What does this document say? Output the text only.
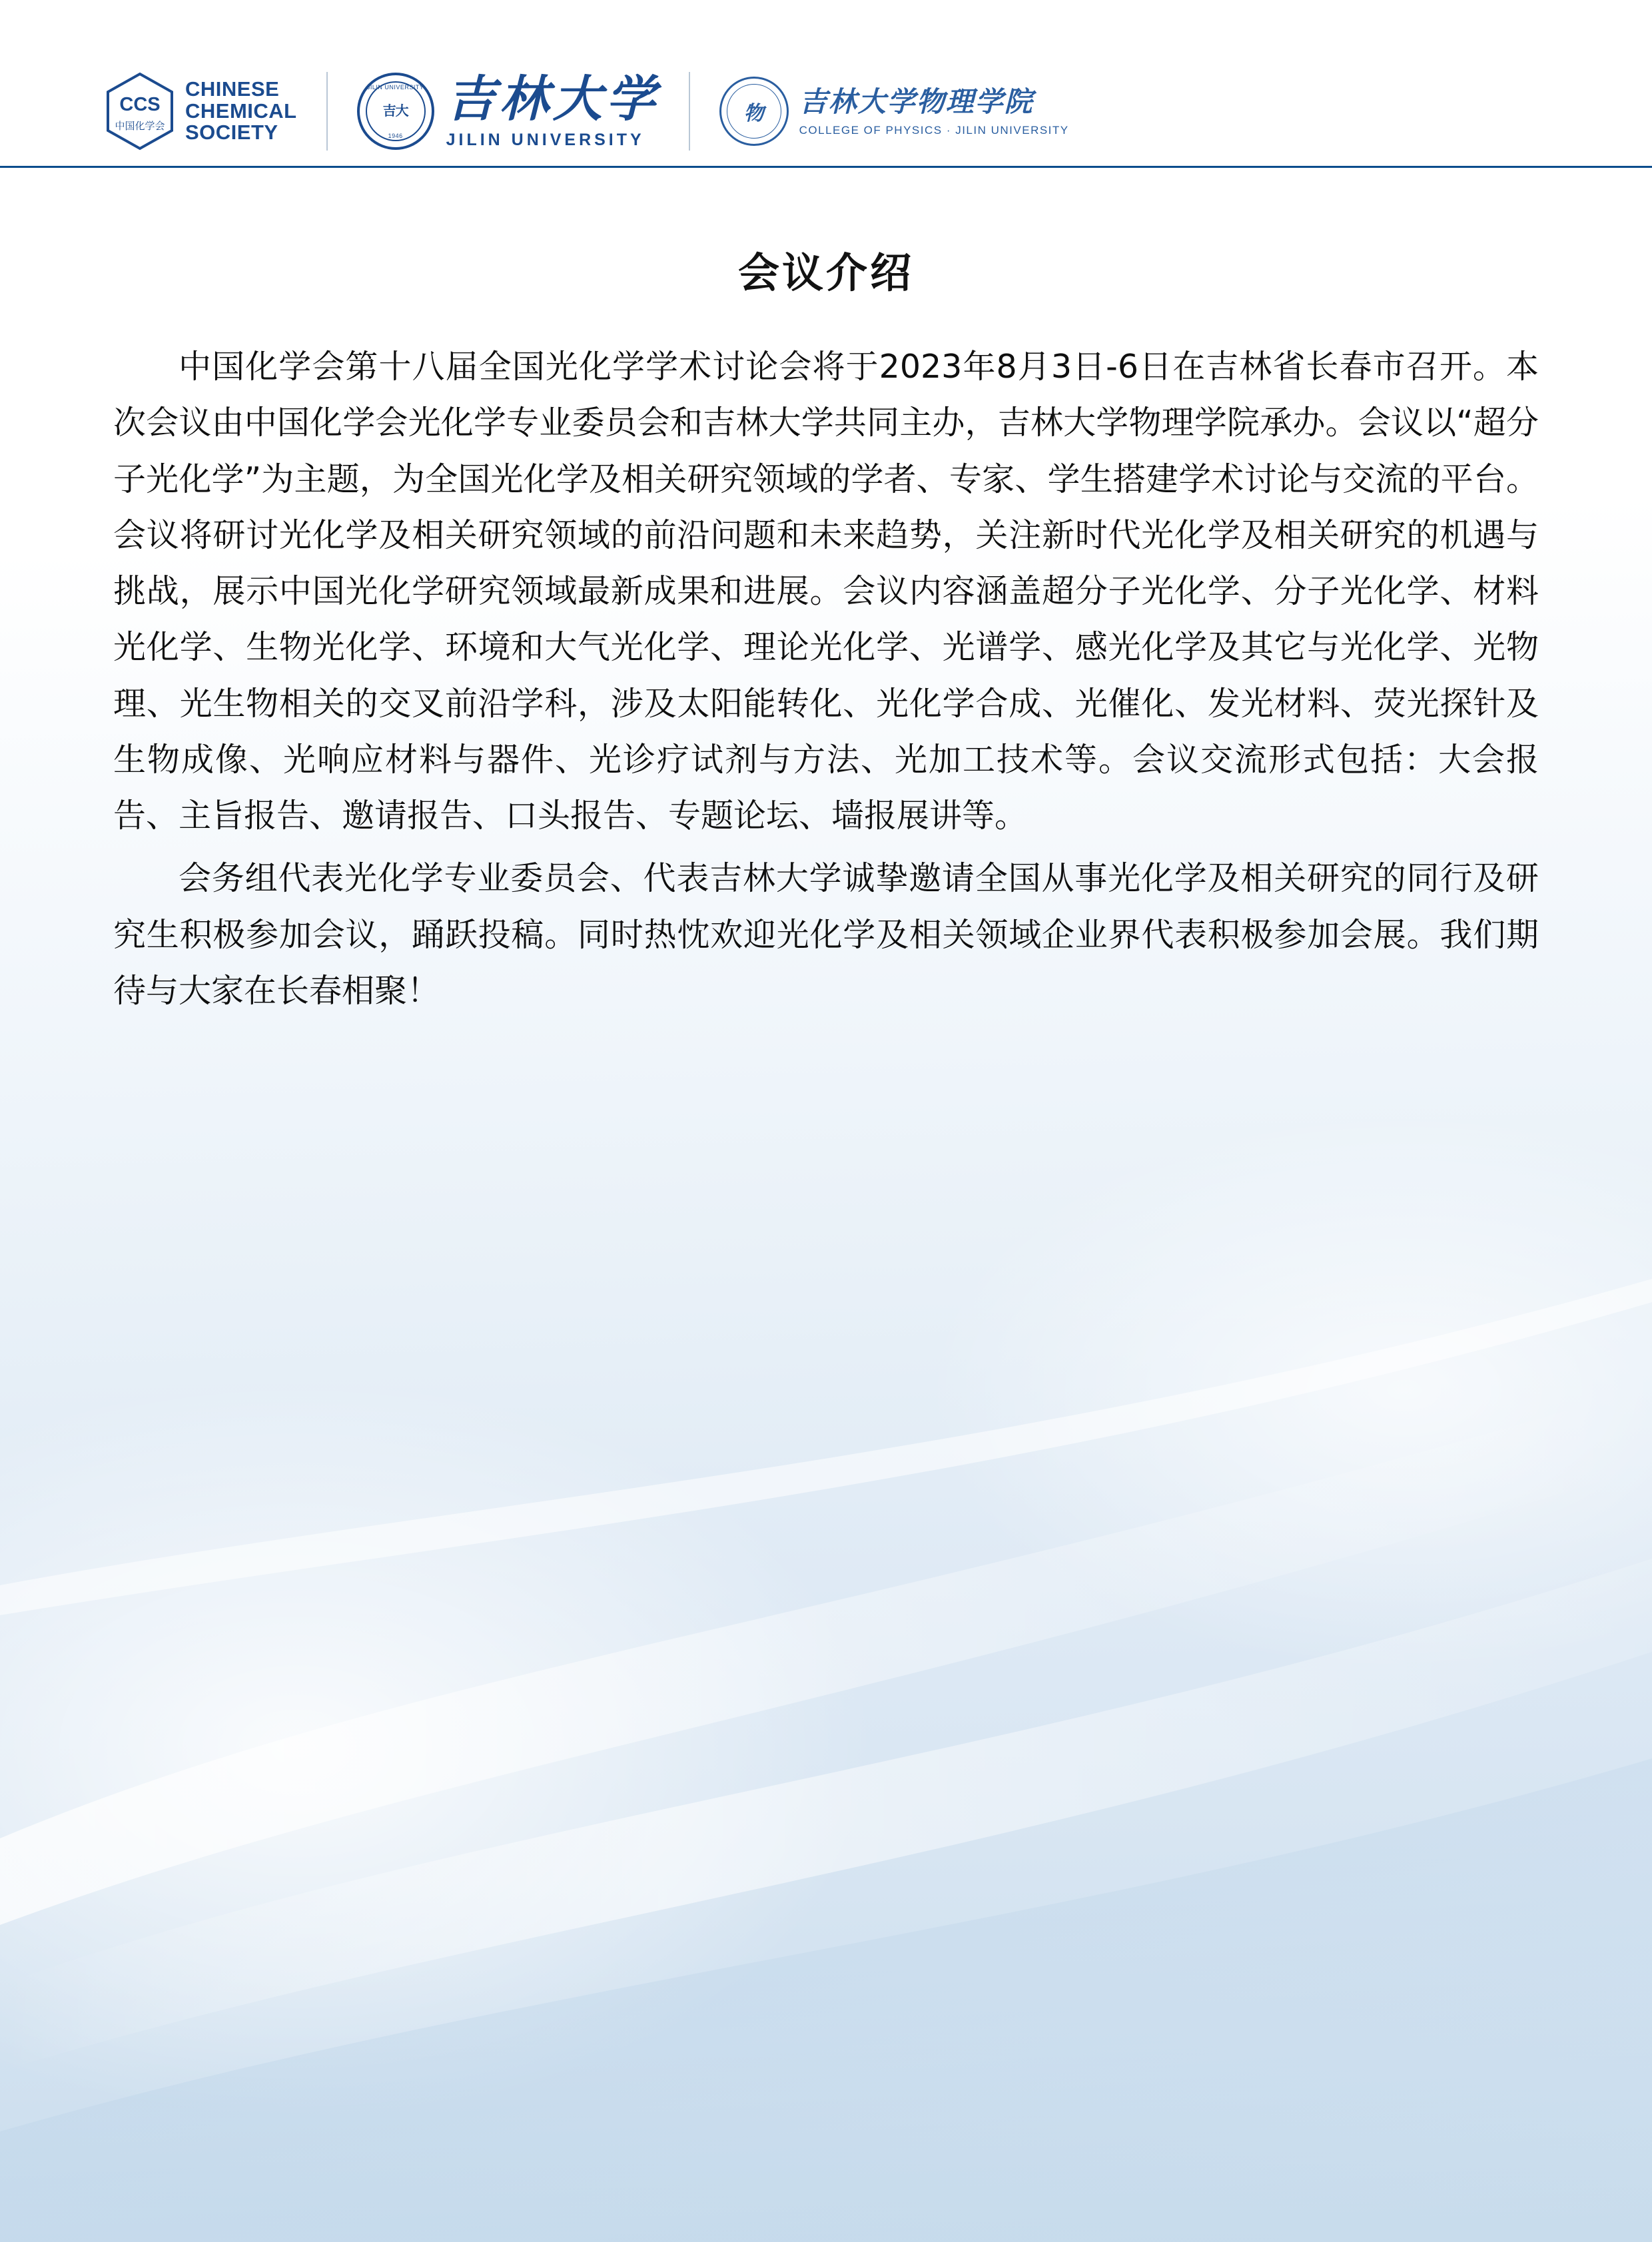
CCS
中国化学会
CHINESE
CHEMICAL
SOCIETY
JILIN UNIVERSITY
吉大
1946
吉林大学
JILIN UNIVERSITY
物 吉林大学物理学院
COLLEGE OF PHYSICS · JILIN UNIVERSITY
会议介绍

中国化学会第十八届全国光化学学术讨论会将于2023年8月3日-6日在吉林省长春市召开。本次会议由中国化学会光化学专业委员会和吉林大学共同主办，吉林大学物理学院承办。会议以“超分子光化学”为主题，为全国光化学及相关研究领域的学者、专家、学生搭建学术讨论与交流的平台。会议将研讨光化学及相关研究领域的前沿问题和未来趋势，关注新时代光化学及相关研究的机遇与挑战，展示中国光化学研究领域最新成果和进展。会议内容涵盖超分子光化学、分子光化学、材料光化学、生物光化学、环境和大气光化学、理论光化学、光谱学、感光化学及其它与光化学、光物理、光生物相关的交叉前沿学科，涉及太阳能转化、光化学合成、光催化、发光材料、荧光探针及生物成像、光响应材料与器件、光诊疗试剂与方法、光加工技术等。会议交流形式包括：大会报告、主旨报告、邀请报告、口头报告、专题论坛、墙报展讲等。

会务组代表光化学专业委员会、代表吉林大学诚挚邀请全国从事光化学及相关研究的同行及研究生积极参加会议，踊跃投稿。同时热忱欢迎光化学及相关领域企业界代表积极参加会展。我们期待与大家在长春相聚！
